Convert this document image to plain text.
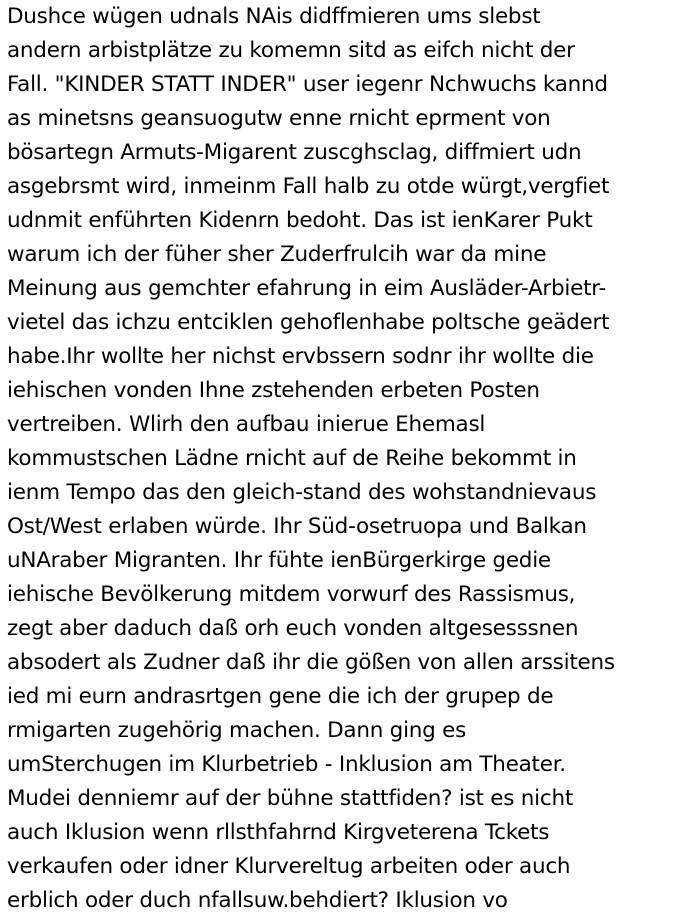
Dushce wügen udnals NAis didffmieren ums slebst
andern arbistplätze zu komemn sitd as eifch nicht der
Fall. "KINDER STATT INDER" user iegenr Nchwuchs kannd
as minetsns geansuogutw enne rnicht eprment von
bösartegn Armuts-Migarent zuscghsclag, diffmiert udn
asgebrsmt wird, inmeinm Fall halb zu otde würgt,vergfiet
udnmit enführten Kidenrn bedoht. Das ist ienKarer Pukt
warum ich der füher sher Zuderfrulcih war da mine
Meinung aus gemchter efahrung in eim Ausläder-Arbietr-
vietel das ichzu entciklen gehoflenhabe poltsche geädert
habe.Ihr wollte her nichst ervbssern sodnr ihr wollte die
iehischen vonden Ihne zstehenden erbeten Posten
vertreiben. Wlirh den aufbau inierue Ehemasl
kommustschen Lädne rnicht auf de Reihe bekommt in
ienm Tempo das den gleich-stand des wohstandnievaus
Ost/West erlaben würde. Ihr Süd-osetruopa und Balkan
uNAraber Migranten. Ihr fühte ienBürgerkirge gedie
iehische Bevölkerung mitdem vorwurf des Rassismus,
zegt aber daduch daß orh euch vonden altgesesssnen
absodert als Zudner daß ihr die gößen von allen arssitens
ied mi eurn andrasrtgen gene die ich der grupep de
rmigarten zugehörig machen. Dann ging es
umSterchugen im Klurbetrieb - Inklusion am Theater.
Mudei denniemr auf der bühne stattfiden? ist es nicht
auch Iklusion wenn rllsthfahrnd Kirgveterena Tckets
verkaufen oder idner Klurvereltug arbeiten oder auch
erblich oder duch nfallsuw.behdiert? Iklusion vo
